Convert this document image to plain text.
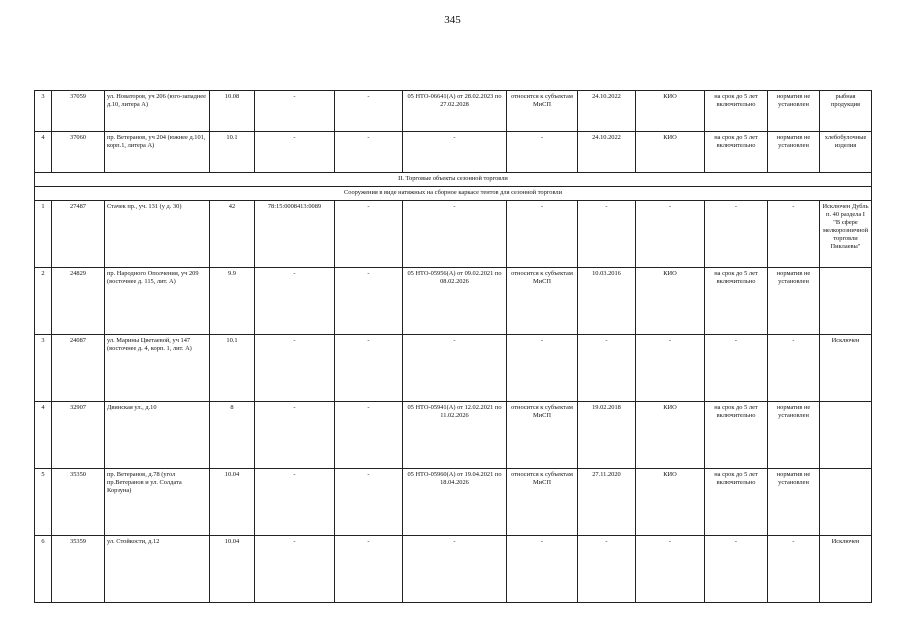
345
3	37059	ул. Новаторов, уч 206 (юго-западнее д.10, литера А)	10.08	-	-	05 НТО-06641(А) от 28.02.2023 по 27.02.2028	относится к субъектам МиСП	24.10.2022	КИО	на срок до 5 лет включительно	норматив не установлен	рыбная продукция
4	37060	пр. Ветеранов, уч 204 (южнее д.101, корп.1, литера А)	10.1	-	-	-	-	24.10.2022	КИО	на срок до 5 лет включительно	норматив не установлен	хлебобулочные изделия
II. Торговые объекты сезонной торговли												
Сооружения в виде натяжных на сборное каркасе тентов для сезонной торговли												
1	27487	Стачек пр., уч. 131 (у д. 30)	42	78:15:0008413:0089	-	-	-	-	-	-	-	Исключен Дубль п. 40 раздела I "В сфере мелкорозничной торговли Пиклаевы"
2	24829	пр. Народного Ополчения, уч 209 (восточнее д. 115, лит. А)	9.9	-	-	05 НТО-05956(А) от 09.02.2021 по 08.02.2026	относится к субъектам МиСП	10.03.2016	КИО	на срок до 5 лет включительно	норматив не установлен	
3	24087	ул. Марины Цветаевой, уч 147 (восточнее д. 4, корп. 1, лит. А)	10.1	-	-	-	-	-	-	-	-	Исключен
4	32907	Двинская ул., д.10	8	-	-	05 НТО-05941(А) от 12.02.2021 по 11.02.2026	относится к субъектам МиСП	19.02.2018	КИО	на срок до 5 лет включительно	норматив не установлен	
5	35350	пр. Ветеранов, д.78 (угол пр.Ветеранов и ул. Солдата Корзуна)	10.04	-	-	05 НТО-05960(А) от 19.04.2021 по 18.04.2026	относится к субъектам МиСП	27.11.2020	КИО	на срок до 5 лет включительно	норматив не установлен	
6	35359	ул. Стойкости, д.12	10.04	-	-	-	-	-	-	-	-	Исключен
